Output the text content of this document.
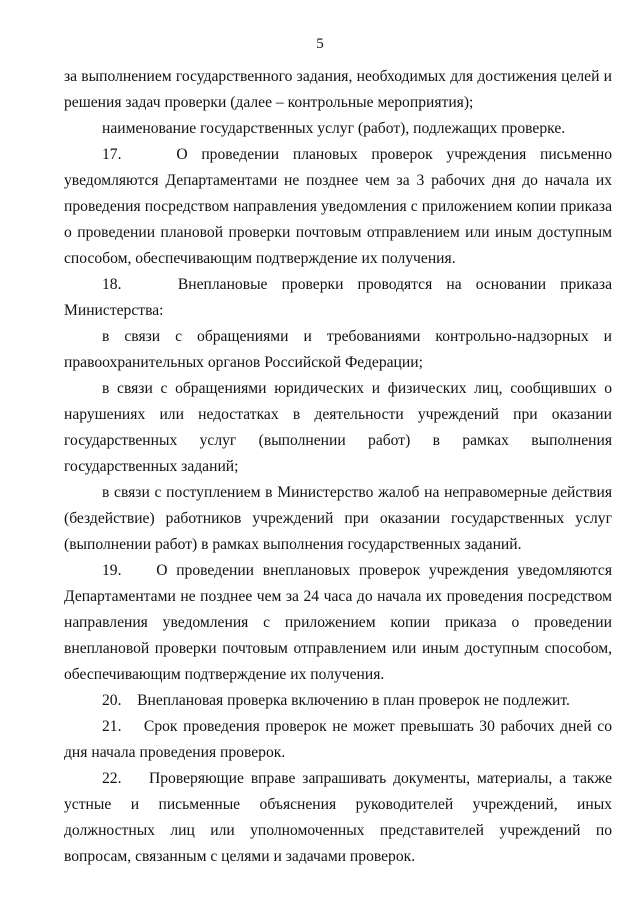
5

за выполнением государственного задания, необходимых для достижения целей и решения задач проверки (далее – контрольные мероприятия);

наименование государственных услуг (работ), подлежащих проверке.

17.    О проведении плановых проверок учреждения письменно уведомляются Департаментами не позднее чем за 3 рабочих дня до начала их проведения посредством направления уведомления с приложением копии приказа о проведении плановой проверки почтовым отправлением или иным доступным способом, обеспечивающим подтверждение их получения.

18.    Внеплановые проверки проводятся на основании приказа Министерства:

в связи с обращениями и требованиями контрольно-надзорных и правоохранительных органов Российской Федерации;

в связи с обращениями юридических и физических лиц, сообщивших о нарушениях или недостатках в деятельности учреждений при оказании государственных услуг (выполнении работ) в рамках выполнения государственных заданий;

в связи с поступлением в Министерство жалоб на неправомерные действия (бездействие) работников учреждений при оказании государственных услуг (выполнении работ) в рамках выполнения государственных заданий.

19.    О проведении внеплановых проверок учреждения уведомляются Департаментами не позднее чем за 24 часа до начала их проведения посредством направления уведомления с приложением копии приказа о проведении внеплановой проверки почтовым отправлением или иным доступным способом, обеспечивающим подтверждение их получения.

20.    Внеплановая проверка включению в план проверок не подлежит.

21.    Срок проведения проверок не может превышать 30 рабочих дней со дня начала проведения проверок.

22.    Проверяющие вправе запрашивать документы, материалы, а также устные и письменные объяснения руководителей учреждений, иных должностных лиц или уполномоченных представителей учреждений по вопросам, связанным с целями и задачами проверок.
